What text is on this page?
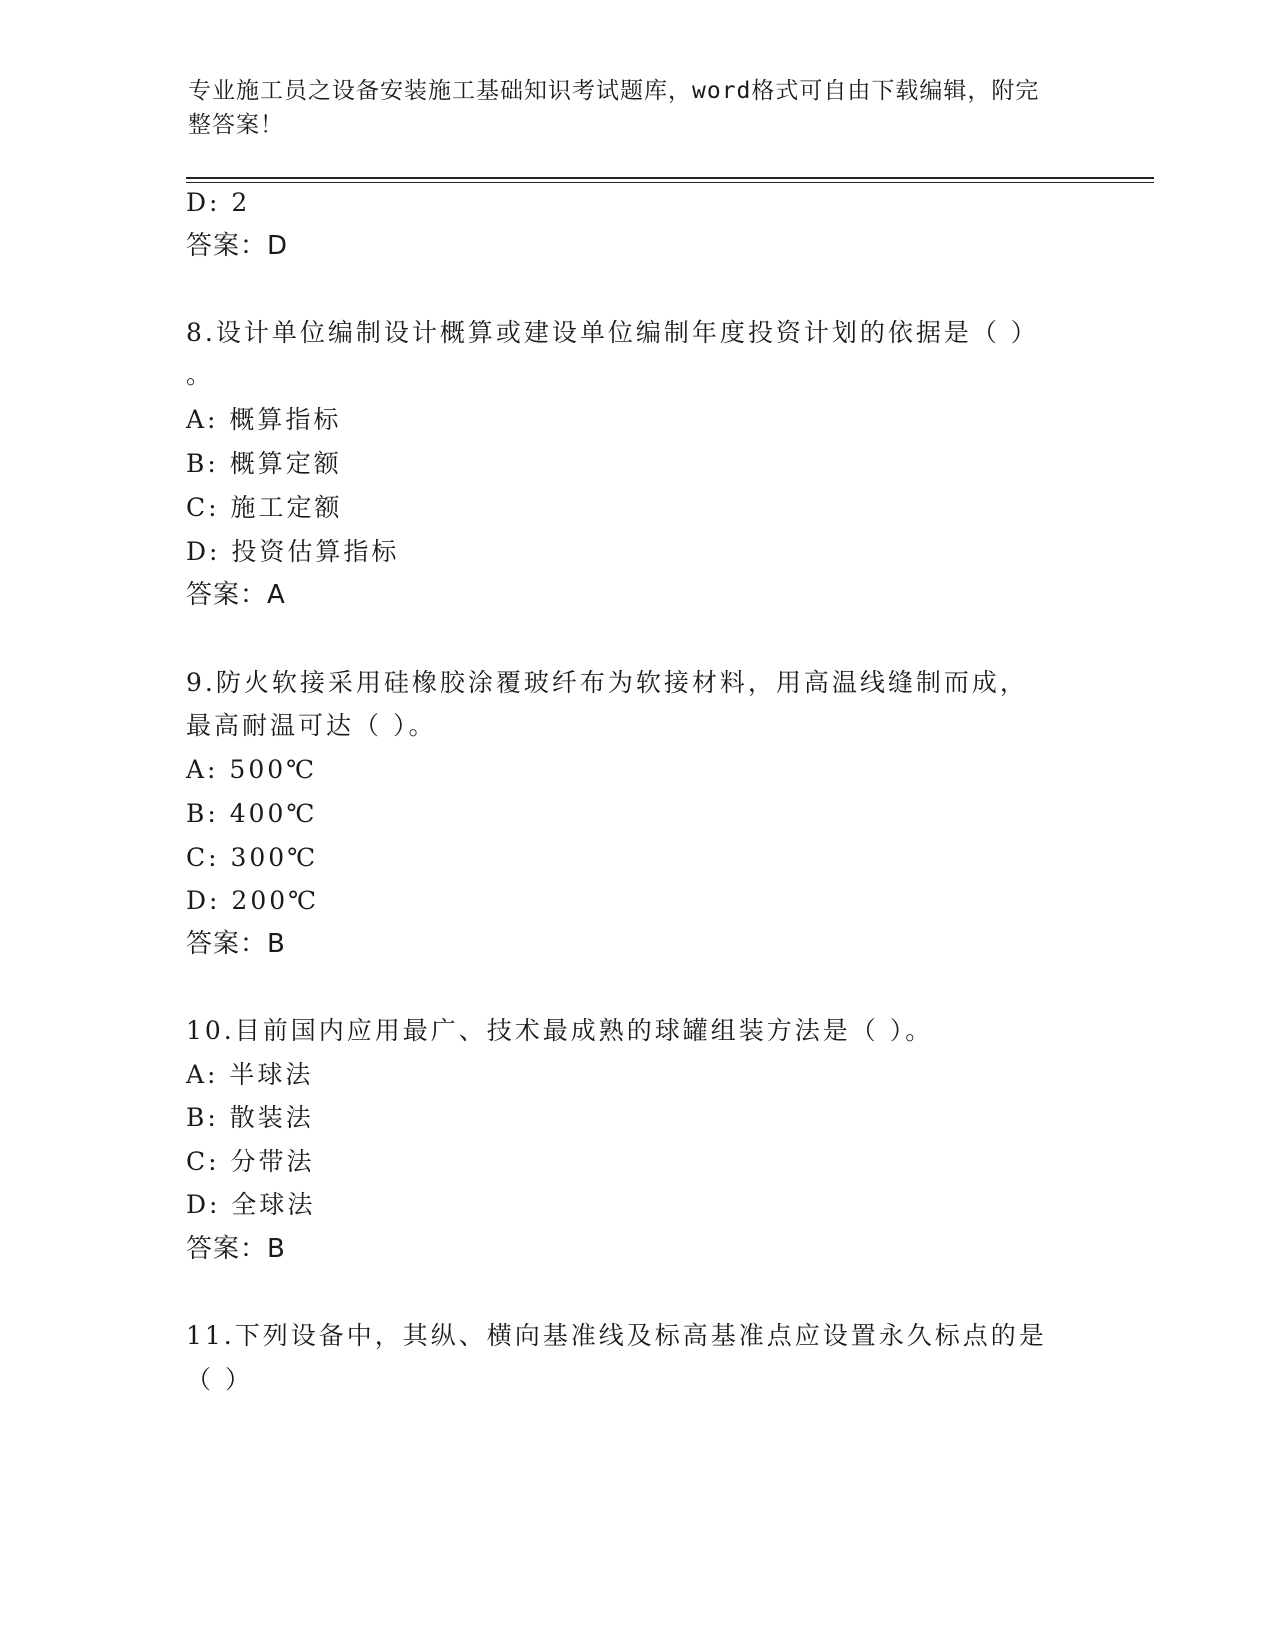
专业施工员之设备安装施工基础知识考试题库，word格式可自由下载编辑，附完
整答案！
D: 2
答案：D
8.设计单位编制设计概算或建设单位编制年度投资计划的依据是（ ）
。
A: 概算指标
B: 概算定额
C: 施工定额
D: 投资估算指标
答案：A
9.防火软接采用硅橡胶涂覆玻纤布为软接材料，用高温线缝制而成，
最高耐温可达（ ）。
A: 500℃
B: 400℃
C: 300℃
D: 200℃
答案：B
10.目前国内应用最广、技术最成熟的球罐组装方法是（ ）。
A: 半球法
B: 散装法
C: 分带法
D: 全球法
答案：B
11.下列设备中，其纵、横向基准线及标高基准点应设置永久标点的是
（ ）
